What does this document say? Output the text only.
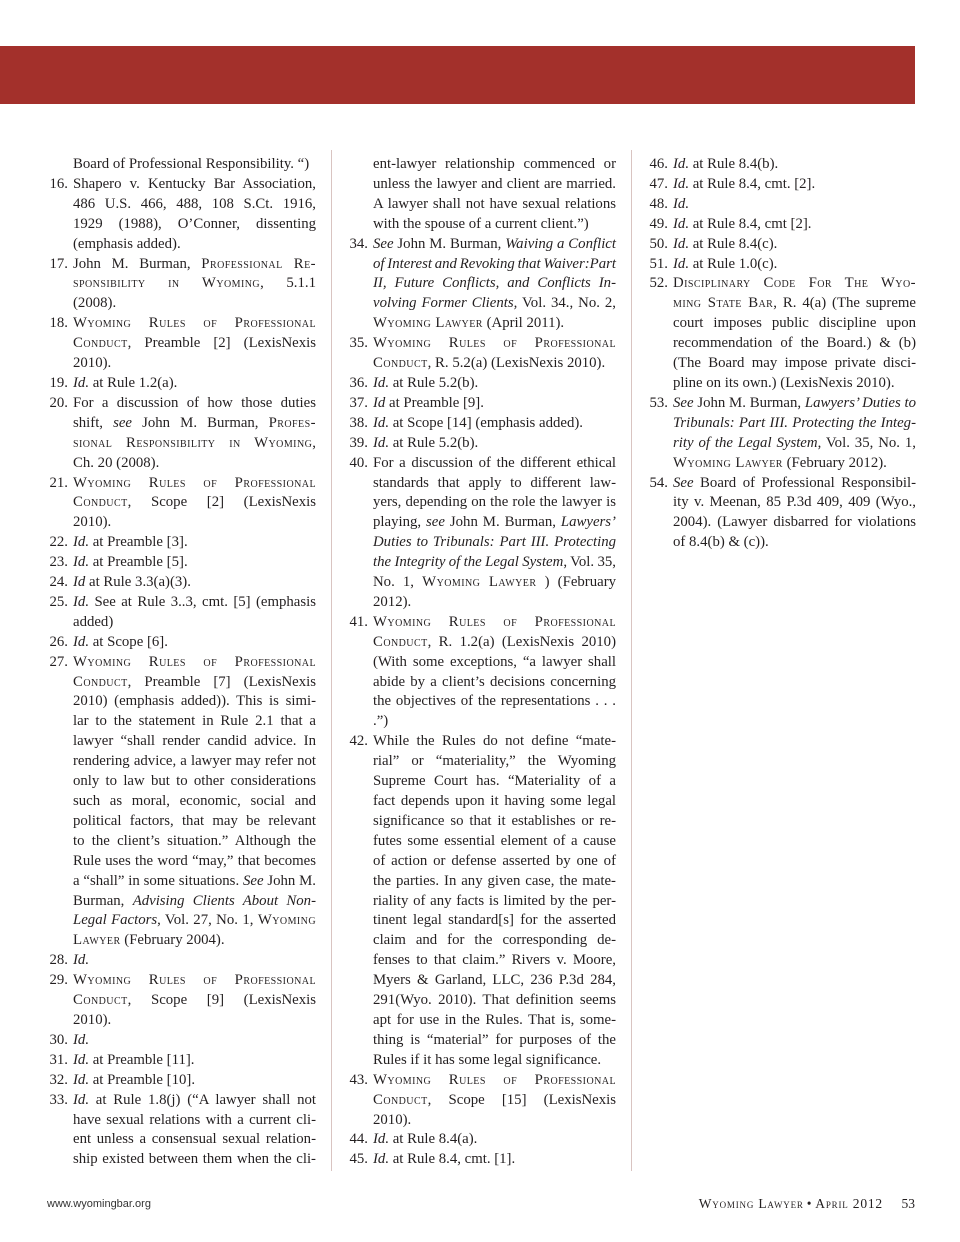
Board of Professional Responsibility. “)
16. Shapero v. Kentucky Bar Association,
486 U.S. 466, 488, 108 S.Ct. 1916,
1929 (1988), O’Conner, dissenting
(emphasis added).
17. John M. Burman, Professional Re-
sponsibility in Wyoming, 5.1.1
(2008).
18. Wyoming Rules of Professional
Conduct, Preamble [2] (LexisNexis
2010).
19. Id. at Rule 1.2(a).
20. For a discussion of how those duties
shift, see John M. Burman, Profes-
sional Responsibility in Wyoming,
Ch. 20 (2008).
21. Wyoming Rules of Professional
Conduct, Scope [2] (LexisNexis
2010).
22. Id. at Preamble [3].
23. Id. at Preamble [5].
24. Id at Rule 3.3(a)(3).
25. Id. See at Rule 3..3, cmt. [5] (emphasis
added)
26. Id. at Scope [6].
27. Wyoming Rules of Professional
Conduct, Preamble [7] (LexisNexis
2010) (emphasis added)). This is simi-
lar to the statement in Rule 2.1 that a
lawyer “shall render candid advice. In
rendering advice, a lawyer may refer not
only to law but to other considerations
such as moral, economic, social and
political factors, that may be relevant
to the client’s situation.” Although the
Rule uses the word “may,” that becomes
a “shall” in some situations. See John M.
Burman, Advising Clients About Non-
Legal Factors, Vol. 27, No. 1, Wyoming
Lawyer (February 2004).
28. Id.
29. Wyoming Rules of Professional
Conduct, Scope [9] (LexisNexis
2010).
30. Id.
31. Id. at Preamble [11].
32. Id. at Preamble [10].
33. Id. at Rule 1.8(j) (“A lawyer shall not
have sexual relations with a current cli-
ent unless a consensual sexual relation-
ship existed between them when the cli-
ent-lawyer relationship commenced or
unless the lawyer and client are married.
A lawyer shall not have sexual relations
with the spouse of a current client.”)
34. See John M. Burman, Waiving a Conflict
of Interest and Revoking that Waiver:Part
II, Future Conflicts, and Conflicts In-
volving Former Clients, Vol. 34., No. 2,
Wyoming Lawyer (April 2011).
35. Wyoming Rules of Professional
Conduct, R. 5.2(a) (LexisNexis 2010).
36. Id. at Rule 5.2(b).
37. Id at Preamble [9].
38. Id. at Scope [14] (emphasis added).
39. Id. at Rule 5.2(b).
40. For a discussion of the different ethical
standards that apply to different law-
yers, depending on the role the lawyer is
playing, see John M. Burman, Lawyers’
Duties to Tribunals: Part III. Protecting
the Integrity of the Legal System, Vol. 35,
No. 1, Wyoming Lawyer ) (February
2012).
41. Wyoming Rules of Professional
Conduct, R. 1.2(a) (LexisNexis 2010)
(With some exceptions, “a lawyer shall
abide by a client’s decisions concerning
the objectives of the representations . . .
.”)
42. While the Rules do not define “mate-
rial” or “materiality,” the Wyoming
Supreme Court has. “Materiality of a
fact depends upon it having some legal
significance so that it establishes or re-
futes some essential element of a cause
of action or defense asserted by one of
the parties. In any given case, the mate-
riality of any facts is limited by the per-
tinent legal standard[s] for the asserted
claim and for the corresponding de-
fenses to that claim.” Rivers v. Moore,
Myers & Garland, LLC, 236 P.3d 284,
291(Wyo. 2010). That definition seems
apt for use in the Rules. That is, some-
thing is “material” for purposes of the
Rules if it has some legal significance.
43. Wyoming Rules of Professional
Conduct, Scope [15] (LexisNexis
2010).
44. Id. at Rule 8.4(a).
45. Id. at Rule 8.4, cmt. [1].
46. Id. at Rule 8.4(b).
47. Id. at Rule 8.4, cmt. [2].
48. Id.
49. Id. at Rule 8.4, cmt [2].
50. Id. at Rule 8.4(c).
51. Id. at Rule 1.0(c).
52. Disciplinary Code For The Wyo-
ming State Bar, R. 4(a) (The supreme
court imposes public discipline upon
recommendation of the Board.) & (b)
(The Board may impose private disci-
pline on its own.) (LexisNexis 2010).
53. See John M. Burman, Lawyers’ Duties to
Tribunals: Part III. Protecting the Integ-
rity of the Legal System, Vol. 35, No. 1,
Wyoming Lawyer (February 2012).
54. See Board of Professional Responsibil-
ity v. Meenan, 85 P.3d 409, 409 (Wyo.,
2004). (Lawyer disbarred for violations
of 8.4(b) & (c)).
www.wyomingbar.org	Wyoming Lawyer • April 2012 53
